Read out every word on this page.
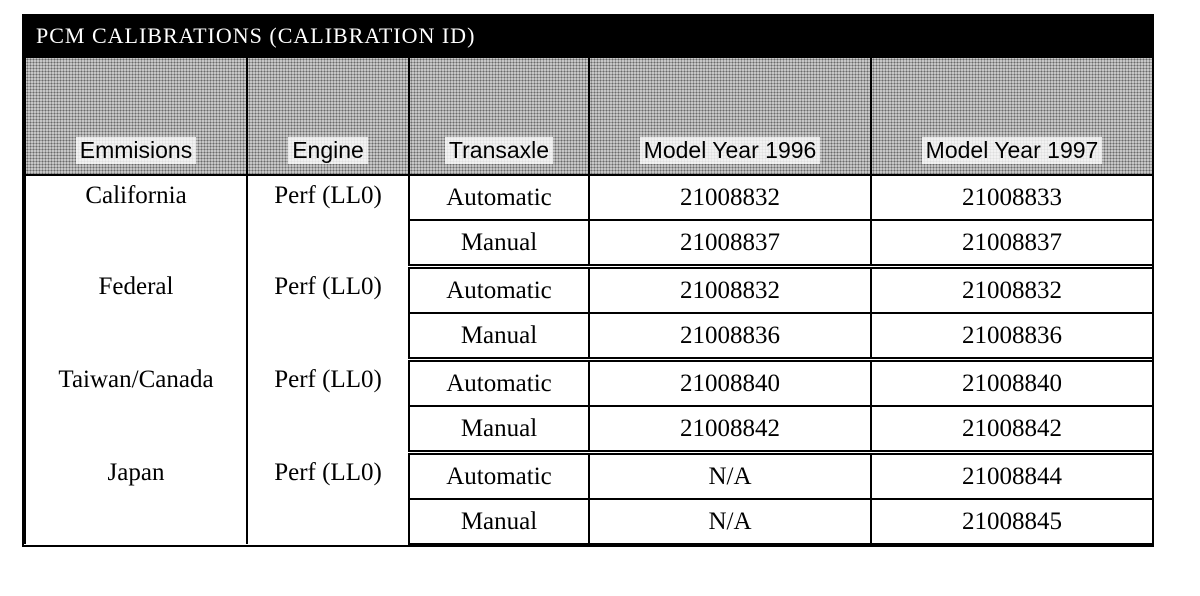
PCM CALIBRATIONS (CALIBRATION ID)
Emmisions	Engine	Transaxle	Model Year 1996	Model Year 1997
California	Perf (LL0)	Automatic	21008832	21008833
		Manual	21008837	21008837
Federal	Perf (LL0)	Automatic	21008832	21008832
		Manual	21008836	21008836
Taiwan/Canada	Perf (LL0)	Automatic	21008840	21008840
		Manual	21008842	21008842
Japan	Perf (LL0)	Automatic	N/A	21008844
		Manual	N/A	21008845
